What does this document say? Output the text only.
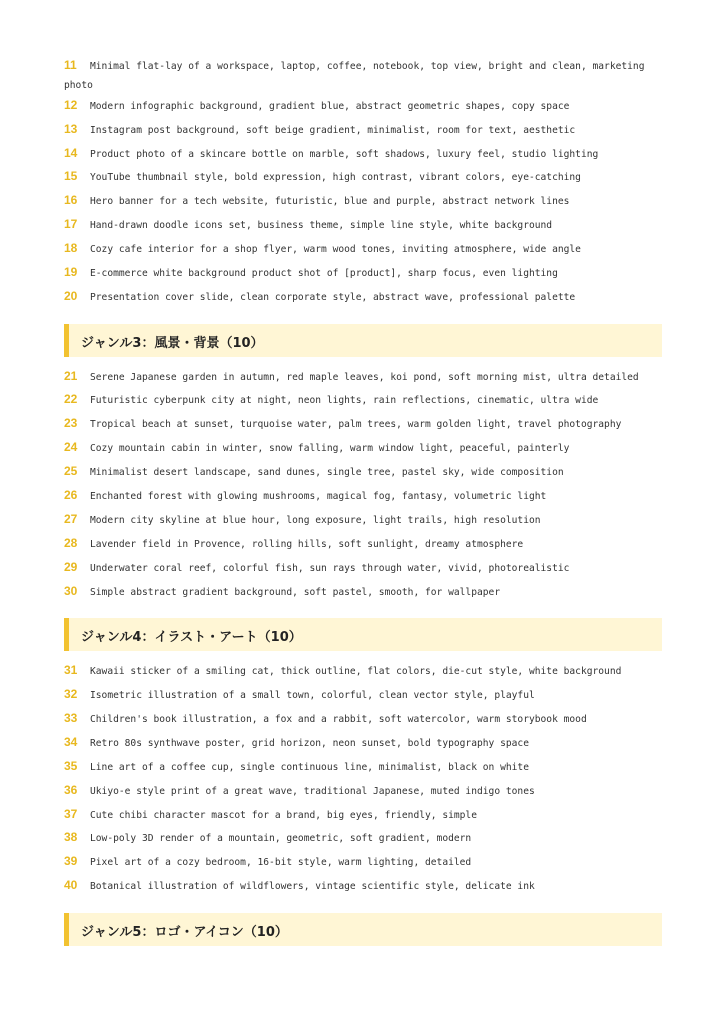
11 Minimal flat-lay of a workspace, laptop, coffee, notebook, top view, bright and clean, marketing photo
12 Modern infographic background, gradient blue, abstract geometric shapes, copy space
13 Instagram post background, soft beige gradient, minimalist, room for text, aesthetic
14 Product photo of a skincare bottle on marble, soft shadows, luxury feel, studio lighting
15 YouTube thumbnail style, bold expression, high contrast, vibrant colors, eye-catching
16 Hero banner for a tech website, futuristic, blue and purple, abstract network lines
17 Hand-drawn doodle icons set, business theme, simple line style, white background
18 Cozy cafe interior for a shop flyer, warm wood tones, inviting atmosphere, wide angle
19 E-commerce white background product shot of [product], sharp focus, even lighting
20 Presentation cover slide, clean corporate style, abstract wave, professional palette
ジャンル3：風景・背景（10）
21 Serene Japanese garden in autumn, red maple leaves, koi pond, soft morning mist, ultra detailed
22 Futuristic cyberpunk city at night, neon lights, rain reflections, cinematic, ultra wide
23 Tropical beach at sunset, turquoise water, palm trees, warm golden light, travel photography
24 Cozy mountain cabin in winter, snow falling, warm window light, peaceful, painterly
25 Minimalist desert landscape, sand dunes, single tree, pastel sky, wide composition
26 Enchanted forest with glowing mushrooms, magical fog, fantasy, volumetric light
27 Modern city skyline at blue hour, long exposure, light trails, high resolution
28 Lavender field in Provence, rolling hills, soft sunlight, dreamy atmosphere
29 Underwater coral reef, colorful fish, sun rays through water, vivid, photorealistic
30 Simple abstract gradient background, soft pastel, smooth, for wallpaper
ジャンル4：イラスト・アート（10）
31 Kawaii sticker of a smiling cat, thick outline, flat colors, die-cut style, white background
32 Isometric illustration of a small town, colorful, clean vector style, playful
33 Children's book illustration, a fox and a rabbit, soft watercolor, warm storybook mood
34 Retro 80s synthwave poster, grid horizon, neon sunset, bold typography space
35 Line art of a coffee cup, single continuous line, minimalist, black on white
36 Ukiyo-e style print of a great wave, traditional Japanese, muted indigo tones
37 Cute chibi character mascot for a brand, big eyes, friendly, simple
38 Low-poly 3D render of a mountain, geometric, soft gradient, modern
39 Pixel art of a cozy bedroom, 16-bit style, warm lighting, detailed
40 Botanical illustration of wildflowers, vintage scientific style, delicate ink
ジャンル5：ロゴ・アイコン（10）
